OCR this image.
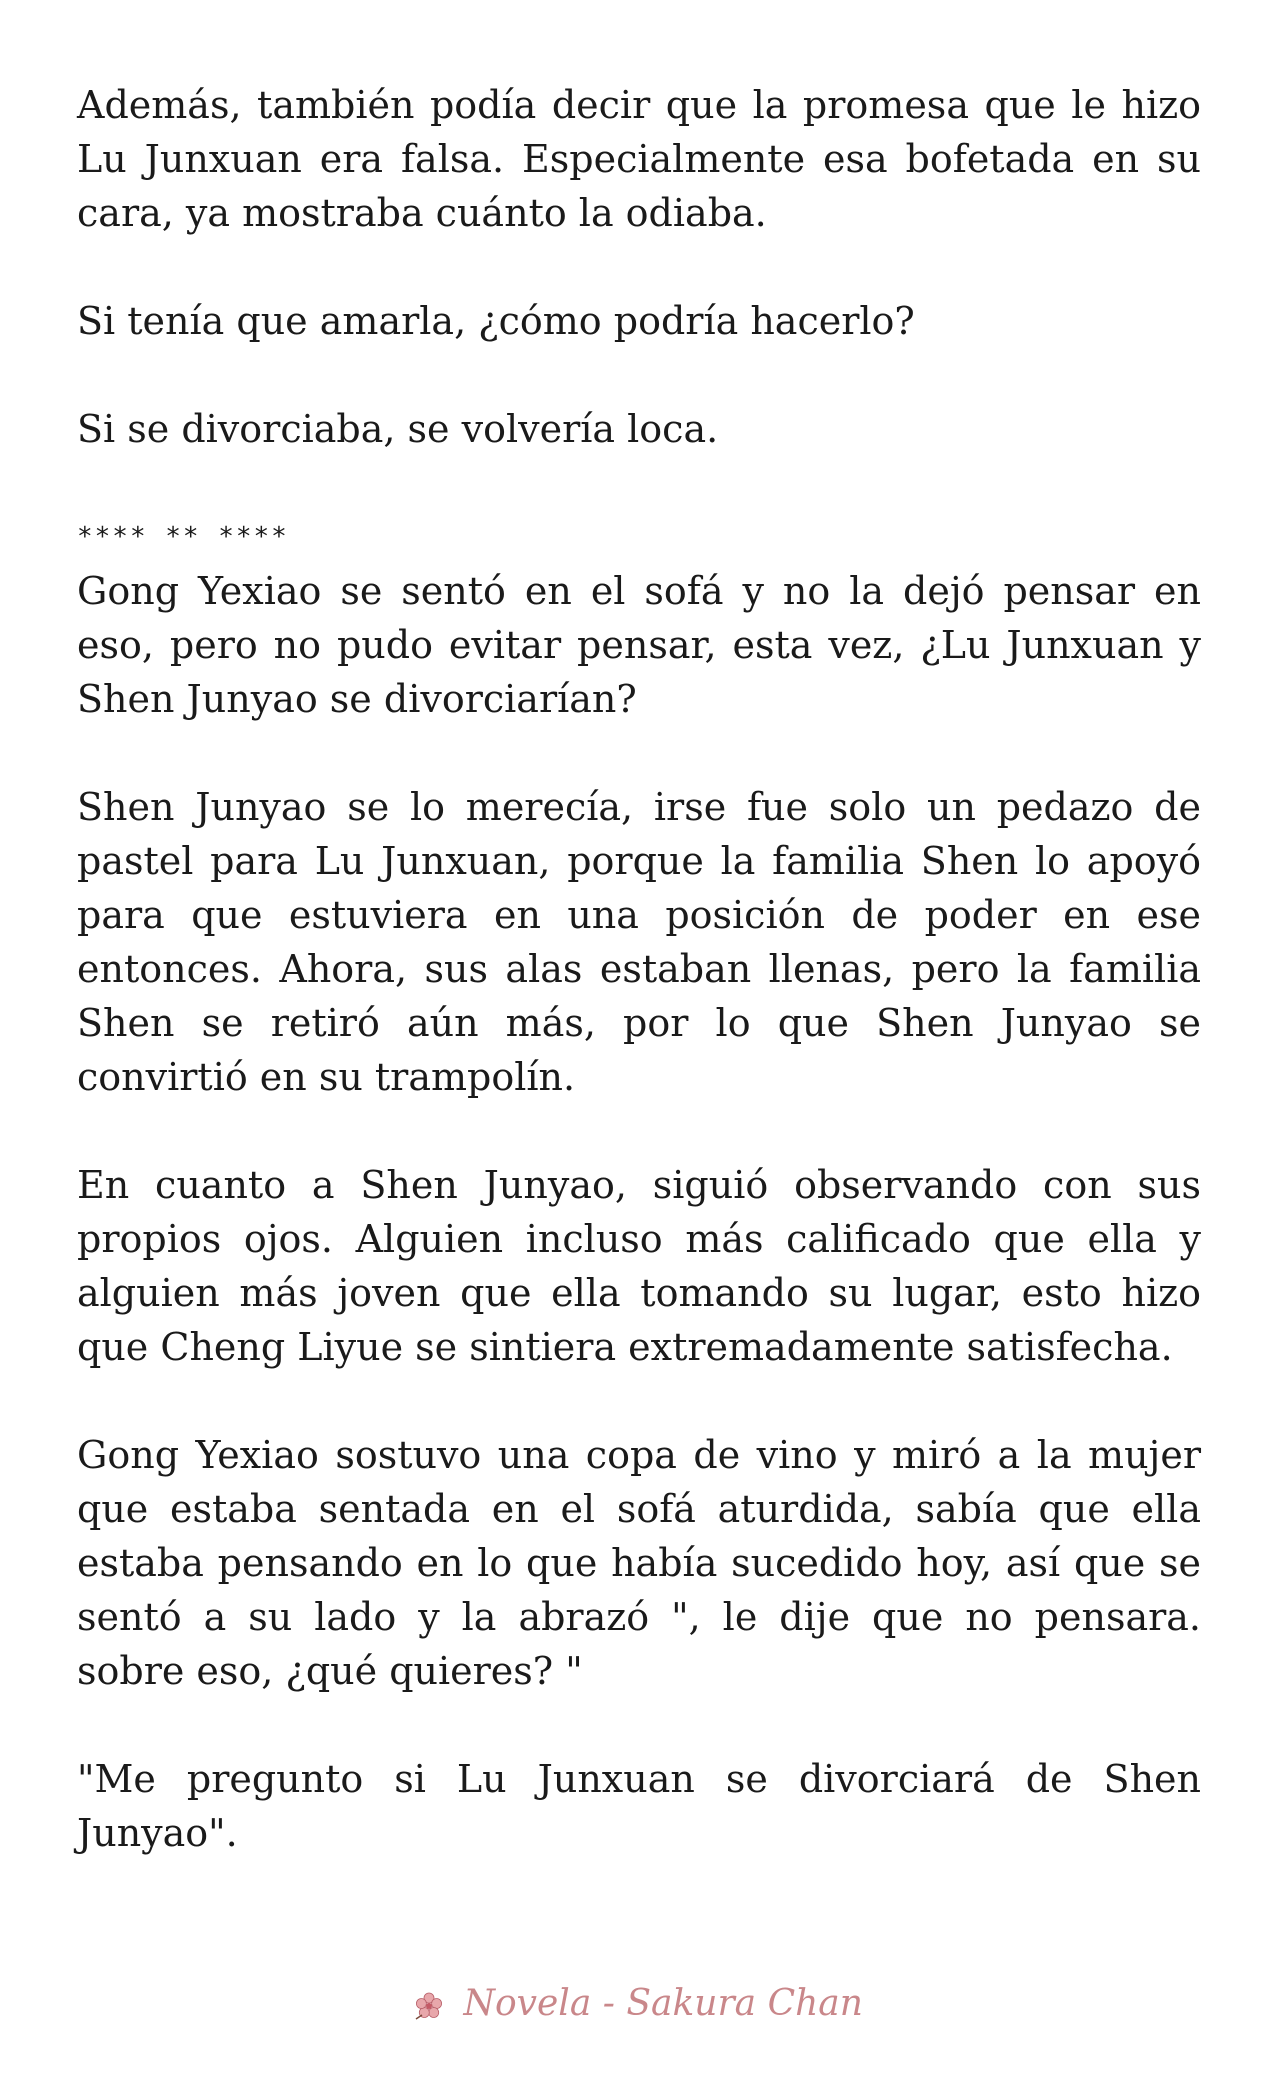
Además, también podía decir que la promesa que le hizo Lu Junxuan era falsa. Especialmente esa bofetada en su cara, ya mostraba cuánto la odiaba.

Si tenía que amarla, ¿cómo podría hacerlo?

Si se divorciaba, se volvería loca.

**** ** ****

Gong Yexiao se sentó en el sofá y no la dejó pensar en eso, pero no pudo evitar pensar, esta vez, ¿Lu Junxuan y Shen Junyao se divorciarían?

Shen Junyao se lo merecía, irse fue solo un pedazo de pastel para Lu Junxuan, porque la familia Shen lo apoyó para que estuviera en una posición de poder en ese entonces. Ahora, sus alas estaban llenas, pero la familia Shen se retiró aún más, por lo que Shen Junyao se convirtió en su trampolín.

En cuanto a Shen Junyao, siguió observando con sus propios ojos. Alguien incluso más calificado que ella y alguien más joven que ella tomando su lugar, esto hizo que Cheng Liyue se sintiera extremadamente satisfecha.

Gong Yexiao sostuvo una copa de vino y miró a la mujer que estaba sentada en el sofá aturdida, sabía que ella estaba pensando en lo que había sucedido hoy, así que se sentó a su lado y la abrazó ", le dije que no pensara. sobre eso, ¿qué quieres? "

"Me pregunto si Lu Junxuan se divorciará de Shen Junyao".

Novela - Sakura Chan
